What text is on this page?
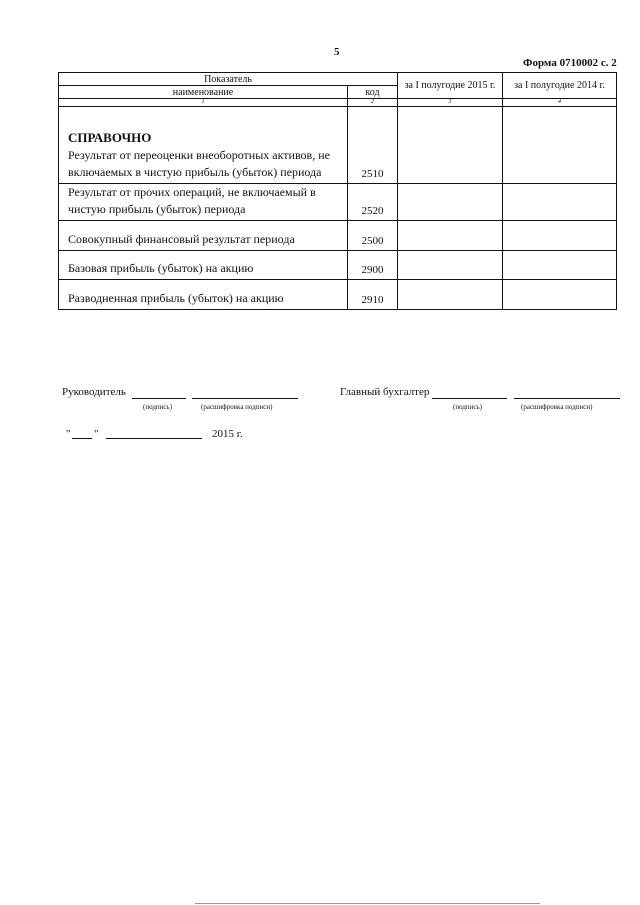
5
Форма 0710002 с. 2
Показатель		за I полугодие 2015 г.	за I полугодие 2014 г.
наименование	код		
1	2	3	4

СПРАВОЧНО
Результат от переоценки внеоборотных активов, не включаемых в чистую прибыль (убыток) периода	2510		
Результат от прочих операций, не включаемый в чистую прибыль (убыток) периода	2520		
Совокупный финансовый результат периода	2500		
Базовая прибыль (убыток) на акцию	2900		
Разводненная прибыль (убыток) на акцию	2910		
Руководитель
(подпись)	(расшифровка подписи)
Главный бухгалтер
(подпись)	(расшифровка подписи)
" "	2015 г.
